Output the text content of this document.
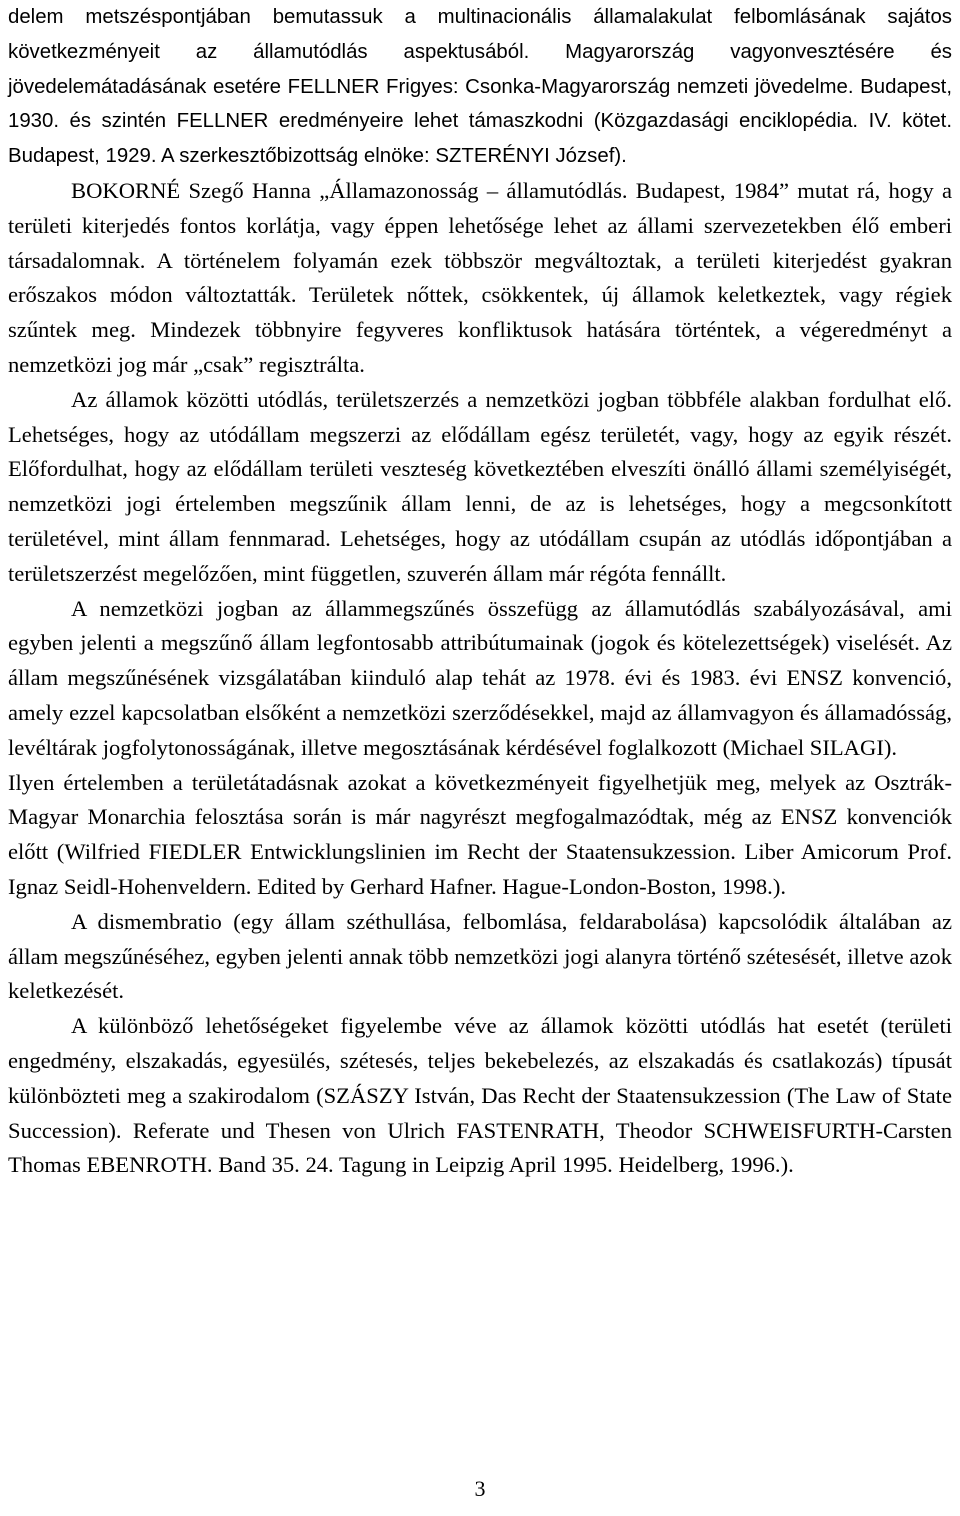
delem metszéspontjában bemutassuk a multinacionális államalakulat felbomlásának sajátos következményeit az államutódlás aspektusából. Magyarország vagyonvesztésére és jövedelemátadásának esetére FELLNER Frigyes: Csonka-Magyarország nemzeti jövedelme. Budapest, 1930. és szintén FELLNER eredményeire lehet támaszkodni (Közgazdasági enciklopédia. IV. kötet. Budapest, 1929. A szerkesztőbizottság elnöke: SZTERÉNYI József).

BOKORNÉ Szegő Hanna „Államazonosság – államutódlás. Budapest, 1984” mutat rá, hogy a területi kiterjedés fontos korlátja, vagy éppen lehetősége lehet az állami szervezetekben élő emberi társadalomnak. A történelem folyamán ezek többször megváltoztak, a területi kiterjedést gyakran erőszakos módon változtatták. Területek nőttek, csökkentek, új államok keletkeztek, vagy régiek szűntek meg. Mindezek többnyire fegyveres konfliktusok hatására történtek, a végeredményt a nemzetközi jog már „csak” regisztrálta.

Az államok közötti utódlás, területszerzés a nemzetközi jogban többféle alakban fordulhat elő. Lehetséges, hogy az utódállam megszerzi az elődállam egész területét, vagy, hogy az egyik részét. Előfordulhat, hogy az elődállam területi veszteség következtében elveszíti önálló állami személyiségét, nemzetközi jogi értelemben megszűnik állam lenni, de az is lehetséges, hogy a megcsonkított területével, mint állam fennmarad. Lehetséges, hogy az utódállam csupán az utódlás időpontjában a területszerzést megelőzően, mint független, szuverén állam már régóta fennállt.

A nemzetközi jogban az állammegszűnés összefügg az államutódlás szabályozásával, ami egyben jelenti a megszűnő állam legfontosabb attribútumainak (jogok és kötelezettségek) viselését. Az állam megszűnésének vizsgálatában kiinduló alap tehát az 1978. évi és 1983. évi ENSZ konvenció, amely ezzel kapcsolatban elsőként a nemzetközi szerződésekkel, majd az államvagyon és államadósság, levéltárak jogfolytonosságának, illetve megosztásának kérdésével foglalkozott (Michael SILAGI).

Ilyen értelemben a területátadásnak azokat a következményeit figyelhetjük meg, melyek az Osztrák-Magyar Monarchia felosztása során is már nagyrészt megfogalmazódtak, még az ENSZ konvenciók előtt (Wilfried FIEDLER Entwicklungslinien im Recht der Staatensukzession. Liber Amicorum Prof. Ignaz Seidl-Hohenveldern. Edited by Gerhard Hafner. Hague-London-Boston, 1998.).

A dismembratio (egy állam széthullása, felbomlása, feldarabolása) kapcsolódik általában az állam megszűnéséhez, egyben jelenti annak több nemzetközi jogi alanyra történő szétesését, illetve azok keletkezését.

A különböző lehetőségeket figyelembe véve az államok közötti utódlás hat esetét (területi engedmény, elszakadás, egyesülés, szétesés, teljes bekebelezés, az elszakadás és csatlakozás) típusát különbözteti meg a szakirodalom (SZÁSZY István, Das Recht der Staatensukzession (The Law of State Succession). Referate und Thesen von Ulrich FASTENRATH, Theodor SCHWEISFURTH-Carsten Thomas EBENROTH. Band 35. 24. Tagung in Leipzig April 1995. Heidelberg, 1996.).

3
